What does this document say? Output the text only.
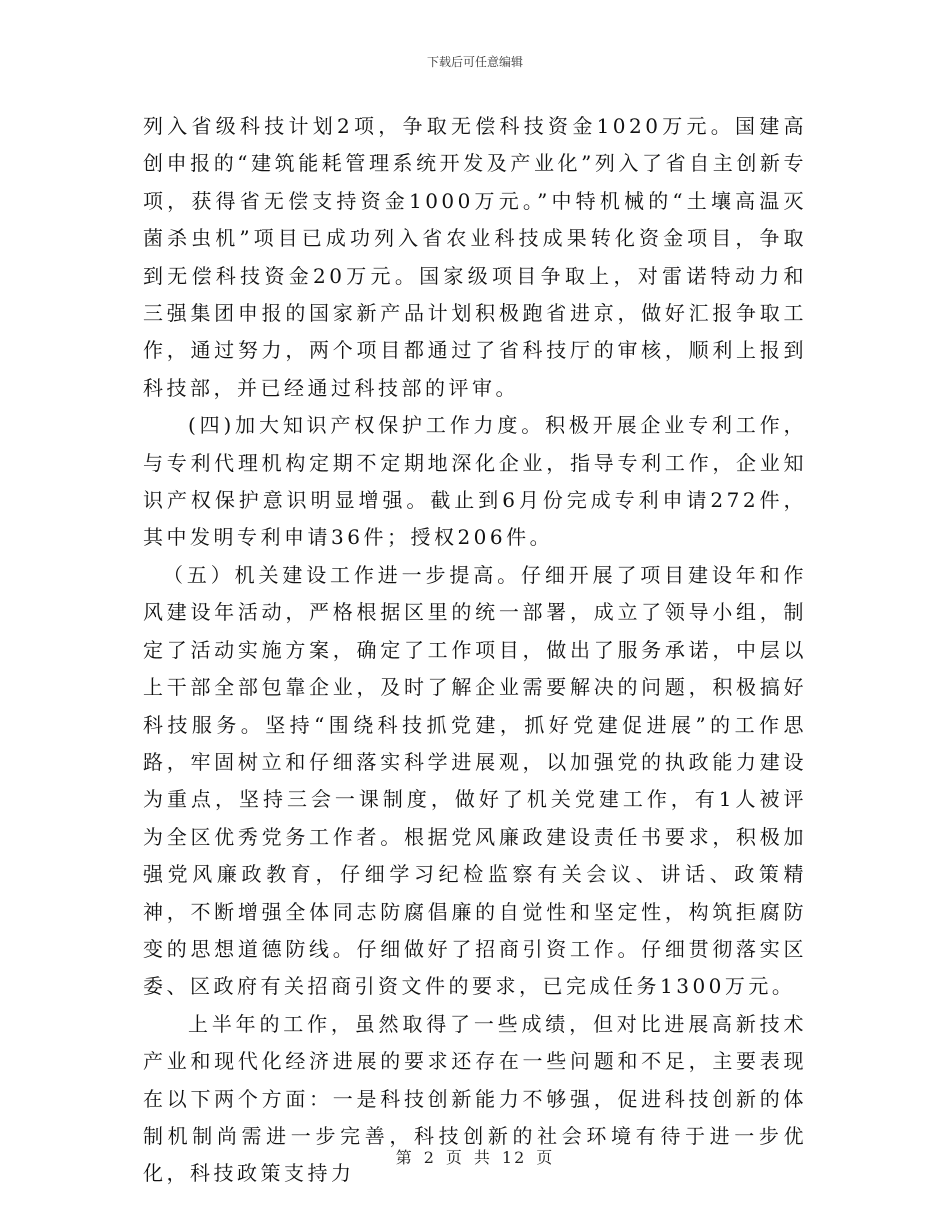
下载后可任意编辑

列入省级科技计划2项，争取无偿科技资金1020万元。国建高创申报的“建筑能耗管理系统开发及产业化”列入了省自主创新专项，获得省无偿支持资金1000万元。”中特机械的“土壤高温灭菌杀虫机”项目已成功列入省农业科技成果转化资金项目，争取到无偿科技资金20万元。国家级项目争取上，对雷诺特动力和三强集团申报的国家新产品计划积极跑省进京，做好汇报争取工作，通过努力，两个项目都通过了省科技厅的审核，顺利上报到科技部，并已经通过科技部的评审。

(四)加大知识产权保护工作力度。积极开展企业专利工作，与专利代理机构定期不定期地深化企业，指导专利工作，企业知识产权保护意识明显增强。截止到6月份完成专利申请272件，其中发明专利申请36件；授权206件。

（五）机关建设工作进一步提高。仔细开展了项目建设年和作风建设年活动，严格根据区里的统一部署，成立了领导小组，制定了活动实施方案，确定了工作项目，做出了服务承诺，中层以上干部全部包靠企业，及时了解企业需要解决的问题，积极搞好科技服务。坚持“围绕科技抓党建，抓好党建促进展”的工作思路，牢固树立和仔细落实科学进展观，以加强党的执政能力建设为重点，坚持三会一课制度，做好了机关党建工作，有1人被评为全区优秀党务工作者。根据党风廉政建设责任书要求，积极加强党风廉政教育，仔细学习纪检监察有关会议、讲话、政策精神，不断增强全体同志防腐倡廉的自觉性和坚定性，构筑拒腐防变的思想道德防线。仔细做好了招商引资工作。仔细贯彻落实区委、区政府有关招商引资文件的要求，已完成任务1300万元。

上半年的工作，虽然取得了一些成绩，但对比进展高新技术产业和现代化经济进展的要求还存在一些问题和不足，主要表现在以下两个方面：一是科技创新能力不够强，促进科技创新的体制机制尚需进一步完善，科技创新的社会环境有待于进一步优化，科技政策支持力

第 2 页 共 12 页
